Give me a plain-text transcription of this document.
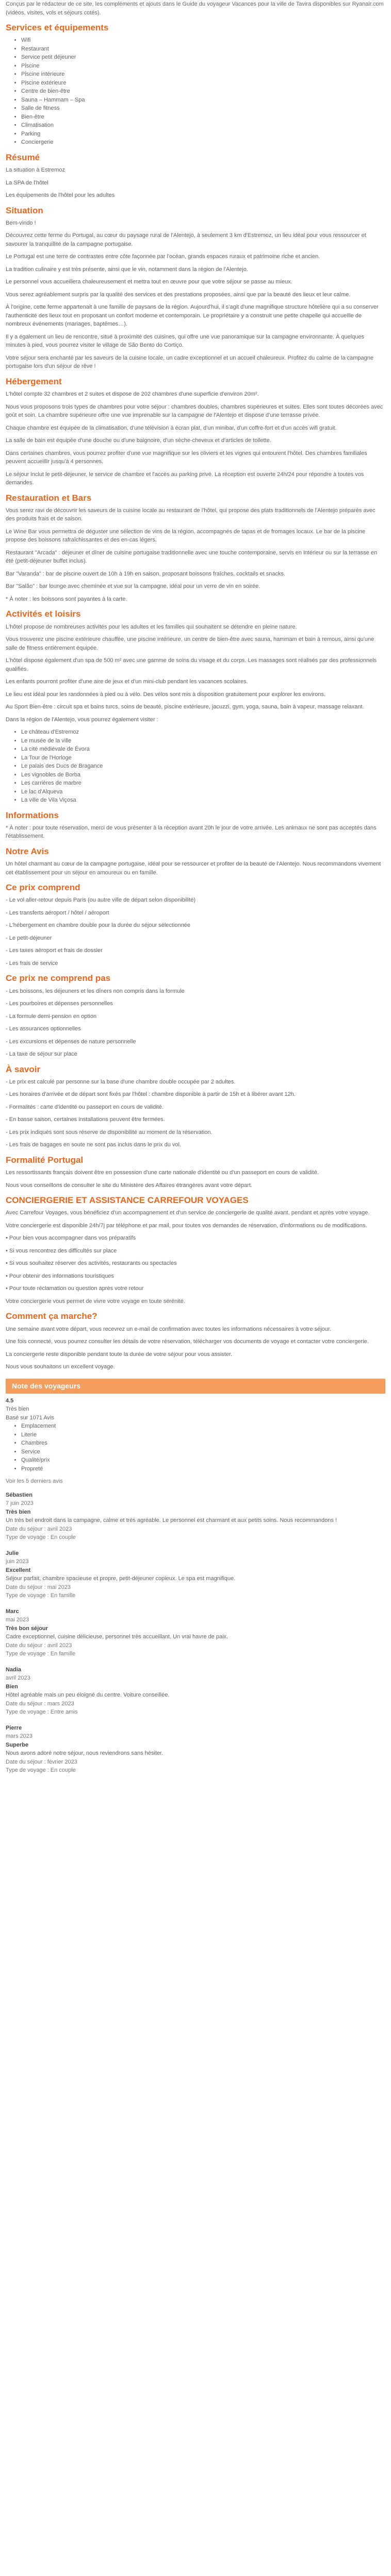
Conçus par le rédacteur de ce site, les compléments et ajouts dans le Guide du voyageur Vacances pour la ville de Tavira disponibles sur Ryanair.com (vidéos, visites, vols et séjours cotés).

Services et équipements
• Wifi
• Restaurant
• Service petit déjeuner
• Piscine
• Piscine intérieure
• Piscine extérieure
• Centre de bien-être
• Sauna – Hammam – Spa
• Salle de fitness
• Bien-être
• Climatisation
• Parking
• Conciergerie
Résumé

La situation à Estremoz

La SPA de l'hôtel

Les équipements de l'hôtel pour les adultes

Situation

Bem-vindo !

Découvrez cette ferme du Portugal, au cœur du paysage rural de l'Alentejo, à seulement 3 km d'Estremoz, un lieu idéal pour vous ressourcer et savourer la tranquillité de la campagne portugaise.

Le Portugal est une terre de contrastes entre côte façonnée par l'océan, grands espaces ruraux et patrimoine riche et ancien.

La tradition culinaire y est très présente, ainsi que le vin, notamment dans la région de l'Alentejo.

Le personnel vous accueillera chaleureusement et mettra tout en œuvre pour que votre séjour se passe au mieux.

Vous serez agréablement surpris par la qualité des services et des prestations proposées, ainsi que par la beauté des lieux et leur calme.

À l'origine, cette ferme appartenait à une famille de paysans de la région. Aujourd'hui, il s'agit d'une magnifique structure hôtelière qui a su conserver l'authenticité des lieux tout en proposant un confort moderne et contemporain. Le propriétaire y a construit une petite chapelle qui accueille de nombreux événements (mariages, baptêmes…).

Il y a également un lieu de rencontre, situé à proximité des cuisines, qui offre une vue panoramique sur la campagne environnante. À quelques minutes à pied, vous pourrez visiter le village de São Bento do Cortiço.

Votre séjour sera enchanté par les saveurs de la cuisine locale, un cadre exceptionnel et un accueil chaleureux. Profitez du calme de la campagne portugaise lors d'un séjour de rêve !

Hébergement

L'hôtel compte 32 chambres et 2 suites et dispose de 202 chambres d'une superficie d'environ 20m².

Nous vous proposons trois types de chambres pour votre séjour : chambres doubles, chambres supérieures et suites. Elles sont toutes décorées avec goût et soin. La chambre supérieure offre une vue imprenable sur la campagne de l'Alentejo et dispose d'une terrasse privée.

Chaque chambre est équipée de la climatisation, d'une télévision à écran plat, d'un minibar, d'un coffre-fort et d'un accès wifi gratuit.

La salle de bain est équipée d'une douche ou d'une baignoire, d'un sèche-cheveux et d'articles de toilette.

Dans certaines chambres, vous pourrez profiter d'une vue magnifique sur les oliviers et les vignes qui entourent l'hôtel. Des chambres familiales peuvent accueillir jusqu'à 4 personnes.

Le séjour inclut le petit-déjeuner, le service de chambre et l'accès au parking privé. La réception est ouverte 24h/24 pour répondre à toutes vos demandes.

Restauration et Bars

Vous serez ravi de découvrir les saveurs de la cuisine locale au restaurant de l'hôtel, qui propose des plats traditionnels de l'Alentejo préparés avec des produits frais et de saison.

Le Wine Bar vous permettra de déguster une sélection de vins de la région, accompagnés de tapas et de fromages locaux. Le bar de la piscine propose des boissons rafraîchissantes et des en-cas légers.

Restaurant "Arcada" : déjeuner et dîner de cuisine portugaise traditionnelle avec une touche contemporaine, servis en intérieur ou sur la terrasse en été (petit-déjeuner buffet inclus).

Bar "Varanda" : bar de piscine ouvert de 10h à 19h en saison, proposant boissons fraîches, cocktails et snacks.

Bar "Salão" : bar lounge avec cheminée et vue sur la campagne, idéal pour un verre de vin en soirée.

* À noter : les boissons sont payantes à la carte.

Activités et loisirs

L'hôtel propose de nombreuses activités pour les adultes et les familles qui souhaitent se détendre en pleine nature.

Vous trouverez une piscine extérieure chauffée, une piscine intérieure, un centre de bien-être avec sauna, hammam et bain à remous, ainsi qu'une salle de fitness entièrement équipée.

L'hôtel dispose également d'un spa de 500 m² avec une gamme de soins du visage et du corps. Les massages sont réalisés par des professionnels qualifiés.

Les enfants pourront profiter d'une aire de jeux et d'un mini-club pendant les vacances scolaires.

Le lieu est idéal pour les randonnées à pied ou à vélo. Des vélos sont mis à disposition gratuitement pour explorer les environs.

Au Sport Bien-être : circuit spa et bains turcs, soins de beauté, piscine extérieure, jacuzzi, gym, yoga, sauna, bain à vapeur, massage relaxant.

Dans la région de l'Alentejo, vous pourrez également visiter :

• Le château d'Estremoz
• Le musée de la ville
• La cité médiévale de Évora
• La Tour de l'Horloge
• Le palais des Ducs de Bragance
• Les vignobles de Borba
• Les carrières de marbre
• Le lac d'Alqueva
• La ville de Vila Viçosa
Informations

* À noter : pour toute réservation, merci de vous présenter à la réception avant 20h le jour de votre arrivée. Les animaux ne sont pas acceptés dans l'établissement.

Notre Avis

Un hôtel charmant au cœur de la campagne portugaise, idéal pour se ressourcer et profiter de la beauté de l'Alentejo. Nous recommandons vivement cet établissement pour un séjour en amoureux ou en famille.

Ce prix comprend

- Le vol aller-retour depuis Paris (ou autre ville de départ selon disponibilité)

- Les transferts aéroport / hôtel / aéroport

- L'hébergement en chambre double pour la durée du séjour sélectionnée

- Le petit-déjeuner

- Les taxes aéroport et frais de dossier

- Les frais de service

Ce prix ne comprend pas

- Les boissons, les déjeuners et les dîners non compris dans la formule

- Les pourboires et dépenses personnelles

- La formule demi-pension en option

- Les assurances optionnelles

- Les excursions et dépenses de nature personnelle

- La taxe de séjour sur place

À savoir

- Le prix est calculé par personne sur la base d'une chambre double occupée par 2 adultes.

- Les horaires d'arrivée et de départ sont fixés par l'hôtel : chambre disponible à partir de 15h et à libérer avant 12h.

- Formalités : carte d'identité ou passeport en cours de validité.

- En basse saison, certaines installations peuvent être fermées.

- Les prix indiqués sont sous réserve de disponibilité au moment de la réservation.

- Les frais de bagages en soute ne sont pas inclus dans le prix du vol.

Formalité Portugal

Les ressortissants français doivent être en possession d'une carte nationale d'identité ou d'un passeport en cours de validité.

Nous vous conseillons de consulter le site du Ministère des Affaires étrangères avant votre départ.

CONCIERGERIE ET ASSISTANCE CARREFOUR VOYAGES

Avec Carrefour Voyages, vous bénéficiez d'un accompagnement et d'un service de conciergerie de qualité avant, pendant et après votre voyage.

Votre conciergerie est disponible 24h/7j par téléphone et par mail, pour toutes vos demandes de réservation, d'informations ou de modifications.

• Pour bien vous accompagner dans vos préparatifs

• Si vous rencontrez des difficultés sur place

• Si vous souhaitez réserver des activités, restaurants ou spectacles

• Pour obtenir des informations touristiques

• Pour toute réclamation ou question après votre retour

Votre conciergerie vous permet de vivre votre voyage en toute sérénité.

Comment ça marche?

Une semaine avant votre départ, vous recevrez un e-mail de confirmation avec toutes les informations nécessaires à votre séjour.

Une fois connecté, vous pourrez consulter les détails de votre réservation, télécharger vos documents de voyage et contacter votre conciergerie.

La conciergerie reste disponible pendant toute la durée de votre séjour pour vous assister.

Nous vous souhaitons un excellent voyage.

Note des voyageurs
4.5
Très bien
Basé sur 1071 Avis
• Emplacement
• Literie
• Chambres
• Service
• Qualité/prix
• Propreté
Voir les 5 derniers avis
Sébastien
7 juin 2023
Très bien
Un très bel endroit dans la campagne, calme et très agréable. Le personnel est charmant et aux petits soins. Nous recommandons !
Date du séjour : avril 2023
Type de voyage : En couple
Julie
juin 2023
Excellent
Séjour parfait, chambre spacieuse et propre, petit-déjeuner copieux. Le spa est magnifique.
Date du séjour : mai 2023
Type de voyage : En famille
Marc
mai 2023
Très bon séjour
Cadre exceptionnel, cuisine délicieuse, personnel très accueillant. Un vrai havre de paix.
Date du séjour : avril 2023
Type de voyage : En famille
Nadia
avril 2023
Bien
Hôtel agréable mais un peu éloigné du centre. Voiture conseillée.
Date du séjour : mars 2023
Type de voyage : Entre amis
Pierre
mars 2023
Superbe
Nous avons adoré notre séjour, nous reviendrons sans hésiter.
Date du séjour : février 2023
Type de voyage : En couple
